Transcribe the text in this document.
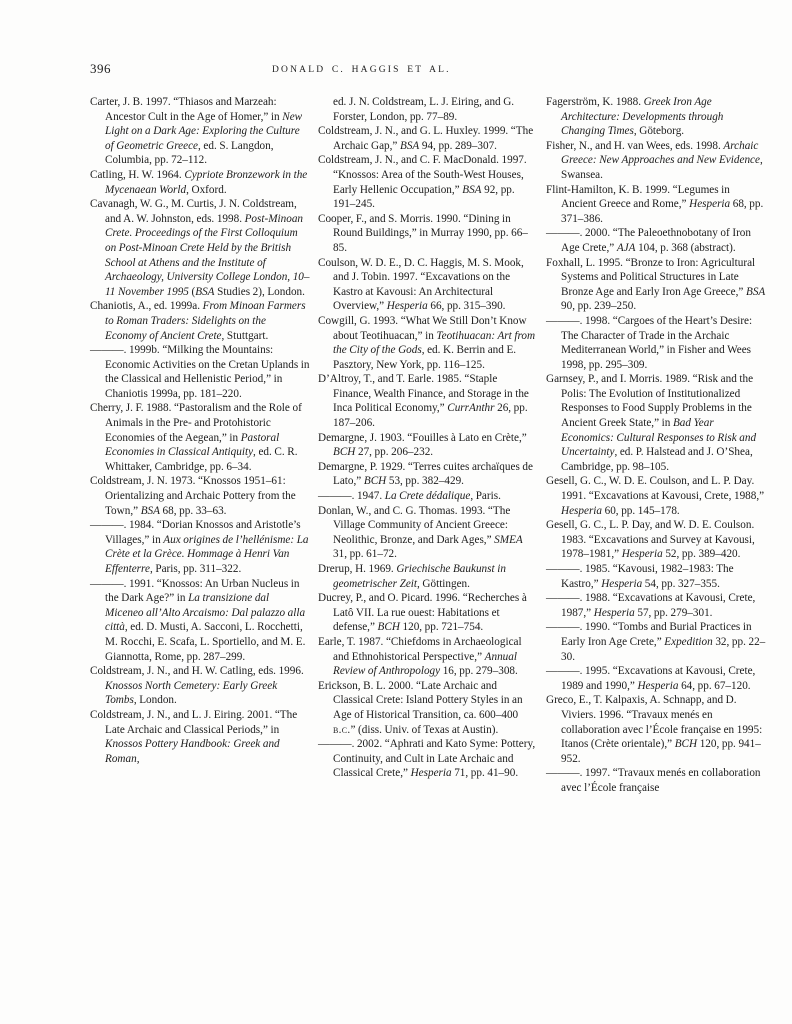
396	DONALD C. HAGGIS ET AL.

Carter, J. B. 1997. “Thiasos and Marzeah: Ancestor Cult in the Age of Homer,” in New Light on a Dark Age: Exploring the Culture of Geometric Greece, ed. S. Langdon, Columbia, pp. 72–112.

Catling, H. W. 1964. Cypriote Bronzework in the Mycenaean World, Oxford.

Cavanagh, W. G., M. Curtis, J. N. Coldstream, and A. W. Johnston, eds. 1998. Post-Minoan Crete. Proceedings of the First Colloquium on Post-Minoan Crete Held by the British School at Athens and the Institute of Archaeology, University College London, 10–11 November 1995 (BSA Studies 2), London.

Chaniotis, A., ed. 1999a. From Minoan Farmers to Roman Traders: Sidelights on the Economy of Ancient Crete, Stuttgart.

———. 1999b. “Milking the Mountains: Economic Activities on the Cretan Uplands in the Classical and Hellenistic Period,” in Chaniotis 1999a, pp. 181–220.

Cherry, J. F. 1988. “Pastoralism and the Role of Animals in the Pre- and Protohistoric Economies of the Aegean,” in Pastoral Economies in Classical Antiquity, ed. C. R. Whittaker, Cambridge, pp. 6–34.

Coldstream, J. N. 1973. “Knossos 1951–61: Orientalizing and Archaic Pottery from the Town,” BSA 68, pp. 33–63.

———. 1984. “Dorian Knossos and Aristotle’s Villages,” in Aux origines de l’hellénisme: La Crète et la Grèce. Hommage à Henri Van Effenterre, Paris, pp. 311–322.

———. 1991. “Knossos: An Urban Nucleus in the Dark Age?” in La transizione dal Miceneo all’Alto Arcaismo: Dal palazzo alla città, ed. D. Musti, A. Sacconi, L. Rocchetti, M. Rocchi, E. Scafa, L. Sportiello, and M. E. Giannotta, Rome, pp. 287–299.

Coldstream, J. N., and H. W. Catling, eds. 1996. Knossos North Cemetery: Early Greek Tombs, London.

Coldstream, J. N., and L. J. Eiring. 2001. “The Late Archaic and Classical Periods,” in Knossos Pottery Handbook: Greek and Roman,

ed. J. N. Coldstream, L. J. Eiring, and G. Forster, London, pp. 77–89.

Coldstream, J. N., and G. L. Huxley. 1999. “The Archaic Gap,” BSA 94, pp. 289–307.

Coldstream, J. N., and C. F. MacDonald. 1997. “Knossos: Area of the South-West Houses, Early Hellenic Occupation,” BSA 92, pp. 191–245.

Cooper, F., and S. Morris. 1990. “Dining in Round Buildings,” in Murray 1990, pp. 66–85.

Coulson, W. D. E., D. C. Haggis, M. S. Mook, and J. Tobin. 1997. “Excavations on the Kastro at Kavousi: An Architectural Overview,” Hesperia 66, pp. 315–390.

Cowgill, G. 1993. “What We Still Don’t Know about Teotihuacan,” in Teotihuacan: Art from the City of the Gods, ed. K. Berrin and E. Pasztory, New York, pp. 116–125.

D’Altroy, T., and T. Earle. 1985. “Staple Finance, Wealth Finance, and Storage in the Inca Political Economy,” CurrAnthr 26, pp. 187–206.

Demargne, J. 1903. “Fouilles à Lato en Crète,” BCH 27, pp. 206–232.

Demargne, P. 1929. “Terres cuites archaïques de Lato,” BCH 53, pp. 382–429.

———. 1947. La Crete dédalique, Paris.

Donlan, W., and C. G. Thomas. 1993. “The Village Community of Ancient Greece: Neolithic, Bronze, and Dark Ages,” SMEA 31, pp. 61–72.

Drerup, H. 1969. Griechische Baukunst in geometrischer Zeit, Göttingen.

Ducrey, P., and O. Picard. 1996. “Recherches à Latô VII. La rue ouest: Habitations et defense,” BCH 120, pp. 721–754.

Earle, T. 1987. “Chiefdoms in Archaeological and Ethnohistorical Perspective,” Annual Review of Anthropology 16, pp. 279–308.

Erickson, B. L. 2000. “Late Archaic and Classical Crete: Island Pottery Styles in an Age of Historical Transition, ca. 600–400 b.c.” (diss. Univ. of Texas at Austin).

———. 2002. “Aphrati and Kato Syme: Pottery, Continuity, and Cult in Late Archaic and Classical Crete,” Hesperia 71, pp. 41–90.

Fagerström, K. 1988. Greek Iron Age Architecture: Developments through Changing Times, Göteborg.

Fisher, N., and H. van Wees, eds. 1998. Archaic Greece: New Approaches and New Evidence, Swansea.

Flint-Hamilton, K. B. 1999. “Legumes in Ancient Greece and Rome,” Hesperia 68, pp. 371–386.

———. 2000. “The Paleoethnobotany of Iron Age Crete,” AJA 104, p. 368 (abstract).

Foxhall, L. 1995. “Bronze to Iron: Agricultural Systems and Political Structures in Late Bronze Age and Early Iron Age Greece,” BSA 90, pp. 239–250.

———. 1998. “Cargoes of the Heart’s Desire: The Character of Trade in the Archaic Mediterranean World,” in Fisher and Wees 1998, pp. 295–309.

Garnsey, P., and I. Morris. 1989. “Risk and the Polis: The Evolution of Institutionalized Responses to Food Supply Problems in the Ancient Greek State,” in Bad Year Economics: Cultural Responses to Risk and Uncertainty, ed. P. Halstead and J. O’Shea, Cambridge, pp. 98–105.

Gesell, G. C., W. D. E. Coulson, and L. P. Day. 1991. “Excavations at Kavousi, Crete, 1988,” Hesperia 60, pp. 145–178.

Gesell, G. C., L. P. Day, and W. D. E. Coulson. 1983. “Excavations and Survey at Kavousi, 1978–1981,” Hesperia 52, pp. 389–420.

———. 1985. “Kavousi, 1982–1983: The Kastro,” Hesperia 54, pp. 327–355.

———. 1988. “Excavations at Kavousi, Crete, 1987,” Hesperia 57, pp. 279–301.

———. 1990. “Tombs and Burial Practices in Early Iron Age Crete,” Expedition 32, pp. 22–30.

———. 1995. “Excavations at Kavousi, Crete, 1989 and 1990,” Hesperia 64, pp. 67–120.

Greco, E., T. Kalpaxis, A. Schnapp, and D. Viviers. 1996. “Travaux menés en collaboration avec l’École française en 1995: Itanos (Crète orientale),” BCH 120, pp. 941–952.

———. 1997. “Travaux menés en collaboration avec l’École française
